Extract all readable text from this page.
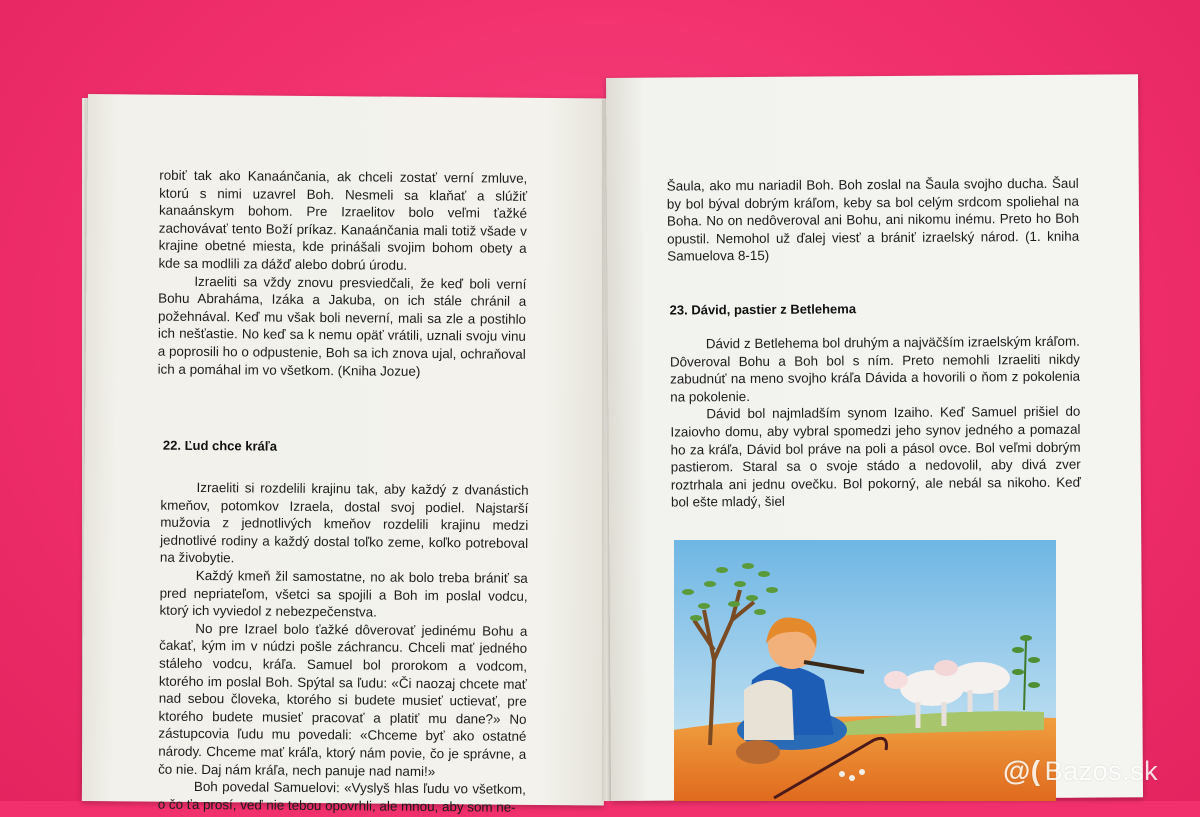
robiť tak ako Kanaánčania, ak chceli zostať verní zmluve, ktorú s nimi uzavrel Boh. Nesmeli sa klaňať a slúžiť kanaánskym bohom. Pre Izraelitov bolo veľmi ťažké zachovávať tento Boží príkaz. Kanaánčania mali totiž všade v krajine obetné miesta, kde prinášali svojim bohom obety a kde sa modlili za dážď alebo dobrú úrodu.

Izraeliti sa vždy znovu presviedčali, že keď boli verní Bohu Abraháma, Izáka a Jakuba, on ich stále chránil a požehnával. Keď mu však boli neverní, mali sa zle a postihlo ich nešťastie. No keď sa k nemu opäť vrátili, uznali svoju vinu a poprosili ho o odpustenie, Boh sa ich znova ujal, ochraňoval ich a pomáhal im vo všetkom. (Kniha Jozue)

22. Ľud chce kráľa

Izraeliti si rozdelili krajinu tak, aby každý z dvanástich kmeňov, potomkov Izraela, dostal svoj podiel. Najstarší mužovia z jednotlivých kmeňov rozdelili krajinu medzi jednotlivé rodiny a každý dostal toľko zeme, koľko potreboval na živobytie.

Každý kmeň žil samostatne, no ak bolo treba brániť sa pred nepriateľom, všetci sa spojili a Boh im poslal vodcu, ktorý ich vyviedol z nebezpečenstva.

No pre Izrael bolo ťažké dôverovať jedinému Bohu a čakať, kým im v núdzi pošle záchrancu. Chceli mať jedného stáleho vodcu, kráľa. Samuel bol prorokom a vodcom, ktorého im poslal Boh. Spýtal sa ľudu: «Či naozaj chcete mať nad sebou človeka, ktorého si budete musieť uctievať, pre ktorého budete musieť pracovať a platiť mu dane?» No zástupcovia ľudu mu povedali: «Chceme byť ako ostatné národy. Chceme mať kráľa, ktorý nám povie, čo je správne, a čo nie. Daj nám kráľa, nech panuje nad nami!»

Boh povedal Samuelovi: «Vyslyš hlas ľudu vo všetkom, o čo ťa prosí, veď nie tebou opovrhli, ale mnou, aby som ne-

Šaula, ako mu nariadil Boh. Boh zoslal na Šaula svojho ducha. Šaul by bol býval dobrým kráľom, keby sa bol celým srdcom spoliehal na Boha. No on nedôveroval ani Bohu, ani nikomu inému. Preto ho Boh opustil. Nemohol už ďalej viesť a brániť izraelský národ. (1. kniha Samuelova 8-15)

23. Dávid, pastier z Betlehema

Dávid z Betlehema bol druhým a najväčším izraelským kráľom. Dôveroval Bohu a Boh bol s ním. Preto nemohli Izraeliti nikdy zabudnúť na meno svojho kráľa Dávida a hovorili o ňom z pokolenia na pokolenie.

Dávid bol najmladším synom Izaiho. Keď Samuel prišiel do Izaiovho domu, aby vybral spomedzi jeho synov jedného a pomazal ho za kráľa, Dávid bol práve na poli a pásol ovce. Bol veľmi dobrým pastierom. Staral sa o svoje stádo a nedovolil, aby divá zver roztrhala ani jednu ovečku. Bol pokorný, ale nebál sa nikoho. Keď bol ešte mladý, šiel

@( Bazos.sk
